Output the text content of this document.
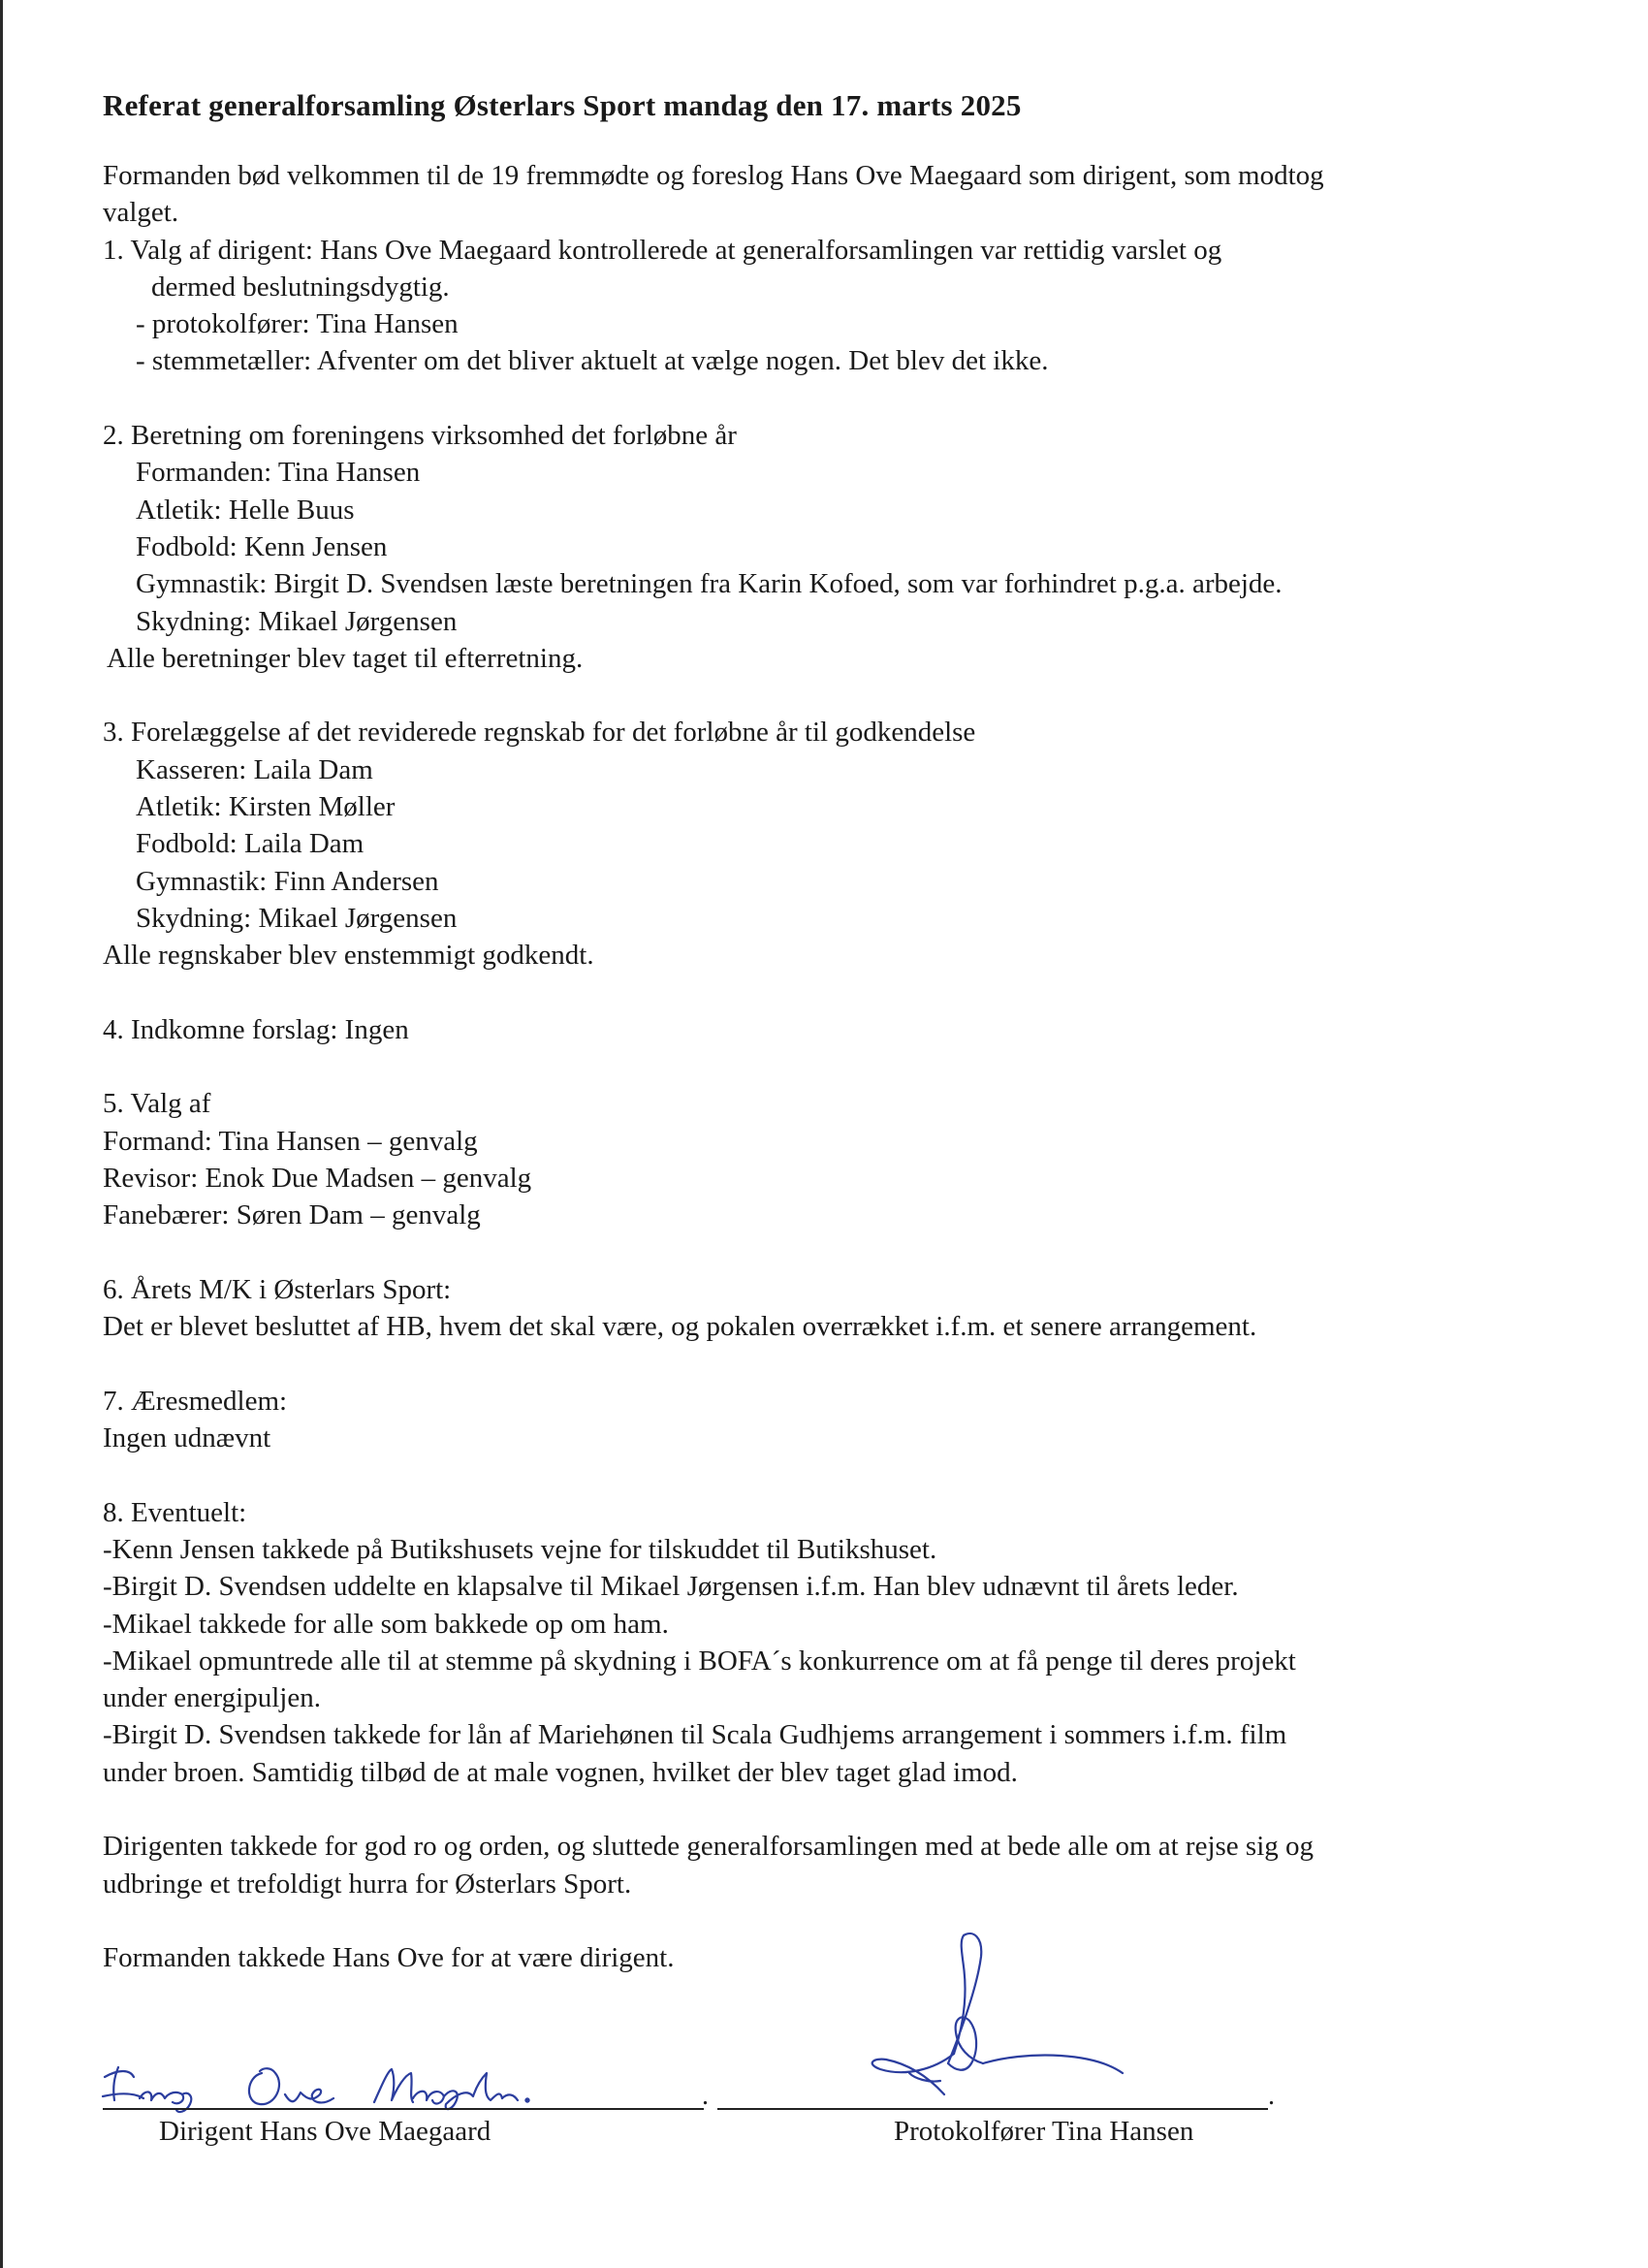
Referat generalforsamling Østerlars Sport mandag den 17. marts 2025
Formanden bød velkommen til de 19 fremmødte og foreslog Hans Ove Maegaard som dirigent, som modtog
valget.
1. Valg af dirigent: Hans Ove Maegaard kontrollerede at generalforsamlingen var rettidig varslet og
dermed beslutningsdygtig.
- protokolfører: Tina Hansen
- stemmetæller: Afventer om det bliver aktuelt at vælge nogen. Det blev det ikke.
2. Beretning om foreningens virksomhed det forløbne år
Formanden: Tina Hansen
Atletik: Helle Buus
Fodbold: Kenn Jensen
Gymnastik: Birgit D. Svendsen læste beretningen fra Karin Kofoed, som var forhindret p.g.a. arbejde.
Skydning: Mikael Jørgensen
Alle beretninger blev taget til efterretning.
3. Forelæggelse af det reviderede regnskab for det forløbne år til godkendelse
Kasseren: Laila Dam
Atletik: Kirsten Møller
Fodbold: Laila Dam
Gymnastik: Finn Andersen
Skydning: Mikael Jørgensen
Alle regnskaber blev enstemmigt godkendt.
4. Indkomne forslag: Ingen
5. Valg af
Formand: Tina Hansen – genvalg
Revisor: Enok Due Madsen – genvalg
Fanebærer: Søren Dam – genvalg
6. Årets M/K i Østerlars Sport:
Det er blevet besluttet af HB, hvem det skal være, og pokalen overrækket i.f.m. et senere arrangement.
7. Æresmedlem:
Ingen udnævnt
8. Eventuelt:
-Kenn Jensen takkede på Butikshusets vejne for tilskuddet til Butikshuset.
-Birgit D. Svendsen uddelte en klapsalve til Mikael Jørgensen i.f.m. Han blev udnævnt til årets leder.
-Mikael takkede for alle som bakkede op om ham.
-Mikael opmuntrede alle til at stemme på skydning i BOFA´s konkurrence om at få penge til deres projekt
under energipuljen.
-Birgit D. Svendsen takkede for lån af Mariehønen til Scala Gudhjems arrangement i sommers i.f.m. film
under broen. Samtidig tilbød de at male vognen, hvilket der blev taget glad imod.
Dirigenten takkede for god ro og orden, og sluttede generalforsamlingen med at bede alle om at rejse sig og
udbringe et trefoldigt hurra for Østerlars Sport.
Formanden takkede Hans Ove for at være dirigent.
.
Dirigent Hans Ove Maegaard
.
Protokolfører Tina Hansen
